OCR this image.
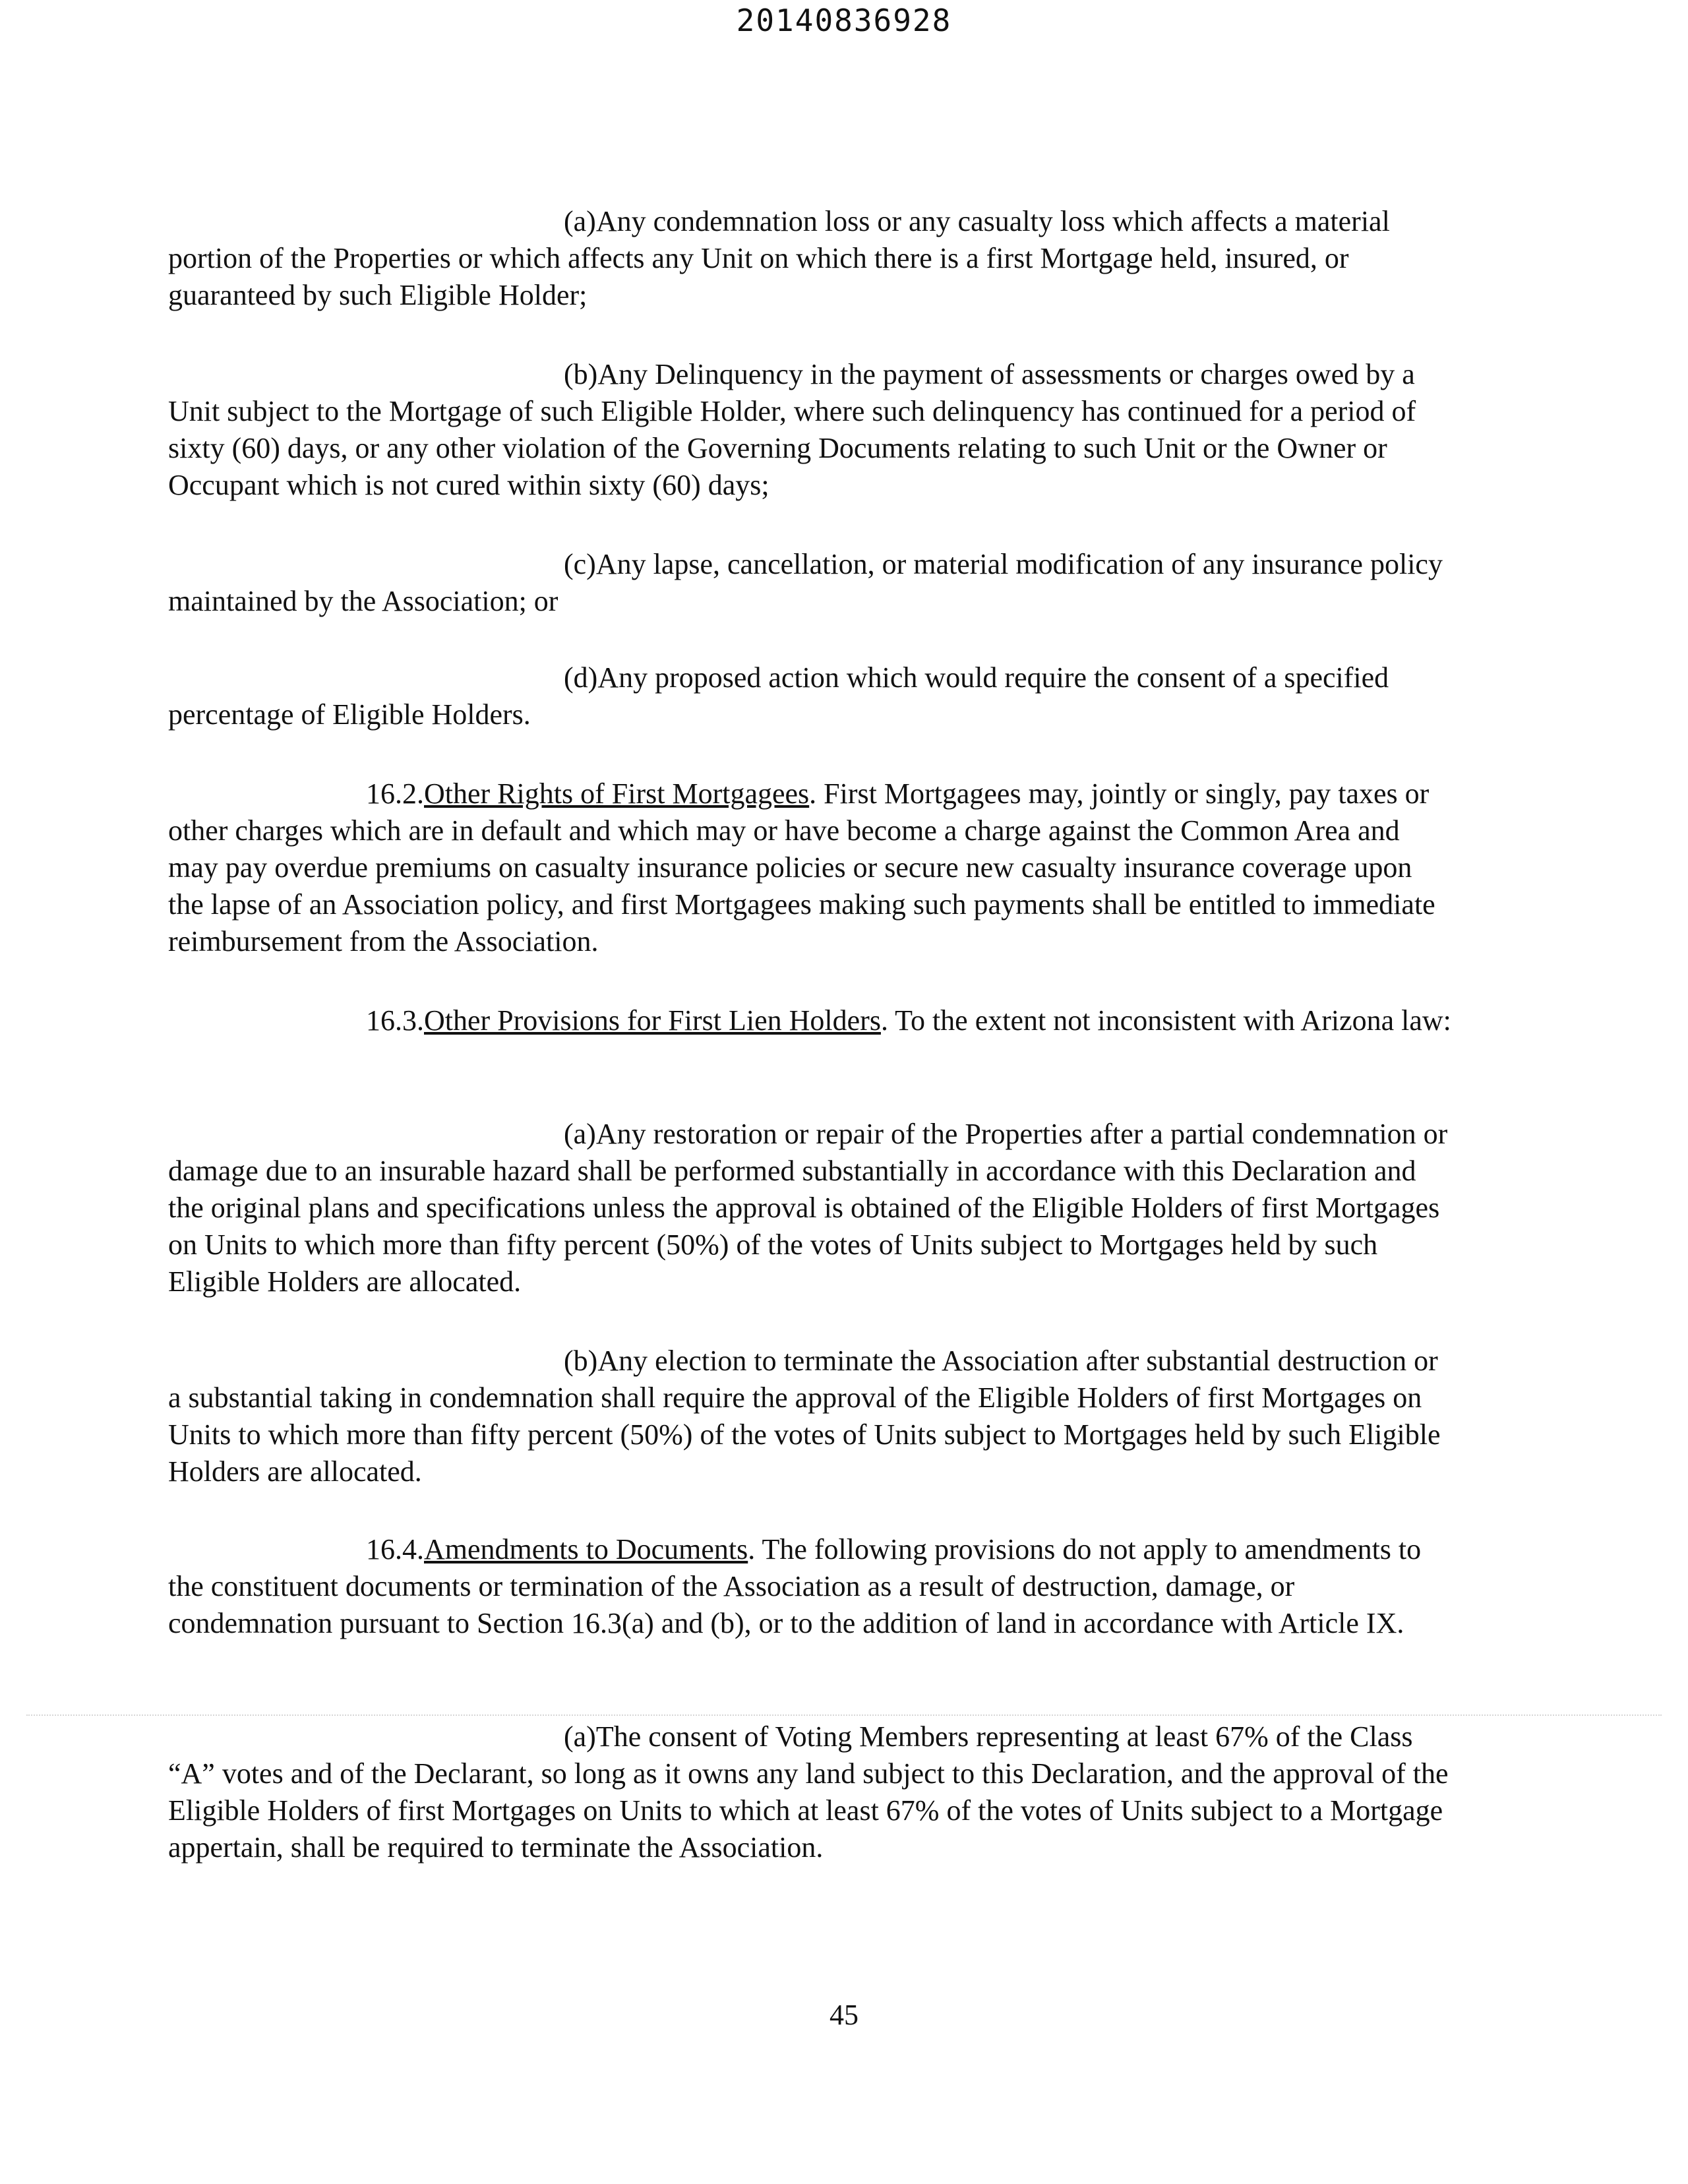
20140836928

(a)Any condemnation loss or any casualty loss which affects a material portion of the Properties or which affects any Unit on which there is a first Mortgage held, insured, or guaranteed by such Eligible Holder;

(b)Any Delinquency in the payment of assessments or charges owed by a Unit subject to the Mortgage of such Eligible Holder, where such delinquency has continued for a period of sixty (60) days, or any other violation of the Governing Documents relating to such Unit or the Owner or Occupant which is not cured within sixty (60) days;

(c)Any lapse, cancellation, or material modification of any insurance policy maintained by the Association; or

(d)Any proposed action which would require the consent of a specified percentage of Eligible Holders.

16.2.Other Rights of First Mortgagees. First Mortgagees may, jointly or singly, pay taxes or other charges which are in default and which may or have become a charge against the Common Area and may pay overdue premiums on casualty insurance policies or secure new casualty insurance coverage upon the lapse of an Association policy, and first Mortgagees making such payments shall be entitled to immediate reimbursement from the Association.

16.3.Other Provisions for First Lien Holders. To the extent not inconsistent with Arizona law:

(a)Any restoration or repair of the Properties after a partial condemnation or damage due to an insurable hazard shall be performed substantially in accordance with this Declaration and the original plans and specifications unless the approval is obtained of the Eligible Holders of first Mortgages on Units to which more than fifty percent (50%) of the votes of Units subject to Mortgages held by such Eligible Holders are allocated.

(b)Any election to terminate the Association after substantial destruction or a substantial taking in condemnation shall require the approval of the Eligible Holders of first Mortgages on Units to which more than fifty percent (50%) of the votes of Units subject to Mortgages held by such Eligible Holders are allocated.

16.4.Amendments to Documents. The following provisions do not apply to amendments to the constituent documents or termination of the Association as a result of destruction, damage, or condemnation pursuant to Section 16.3(a) and (b), or to the addition of land in accordance with Article IX.

(a)The consent of Voting Members representing at least 67% of the Class “A” votes and of the Declarant, so long as it owns any land subject to this Declaration, and the approval of the Eligible Holders of first Mortgages on Units to which at least 67% of the votes of Units subject to a Mortgage appertain, shall be required to terminate the Association.

45
